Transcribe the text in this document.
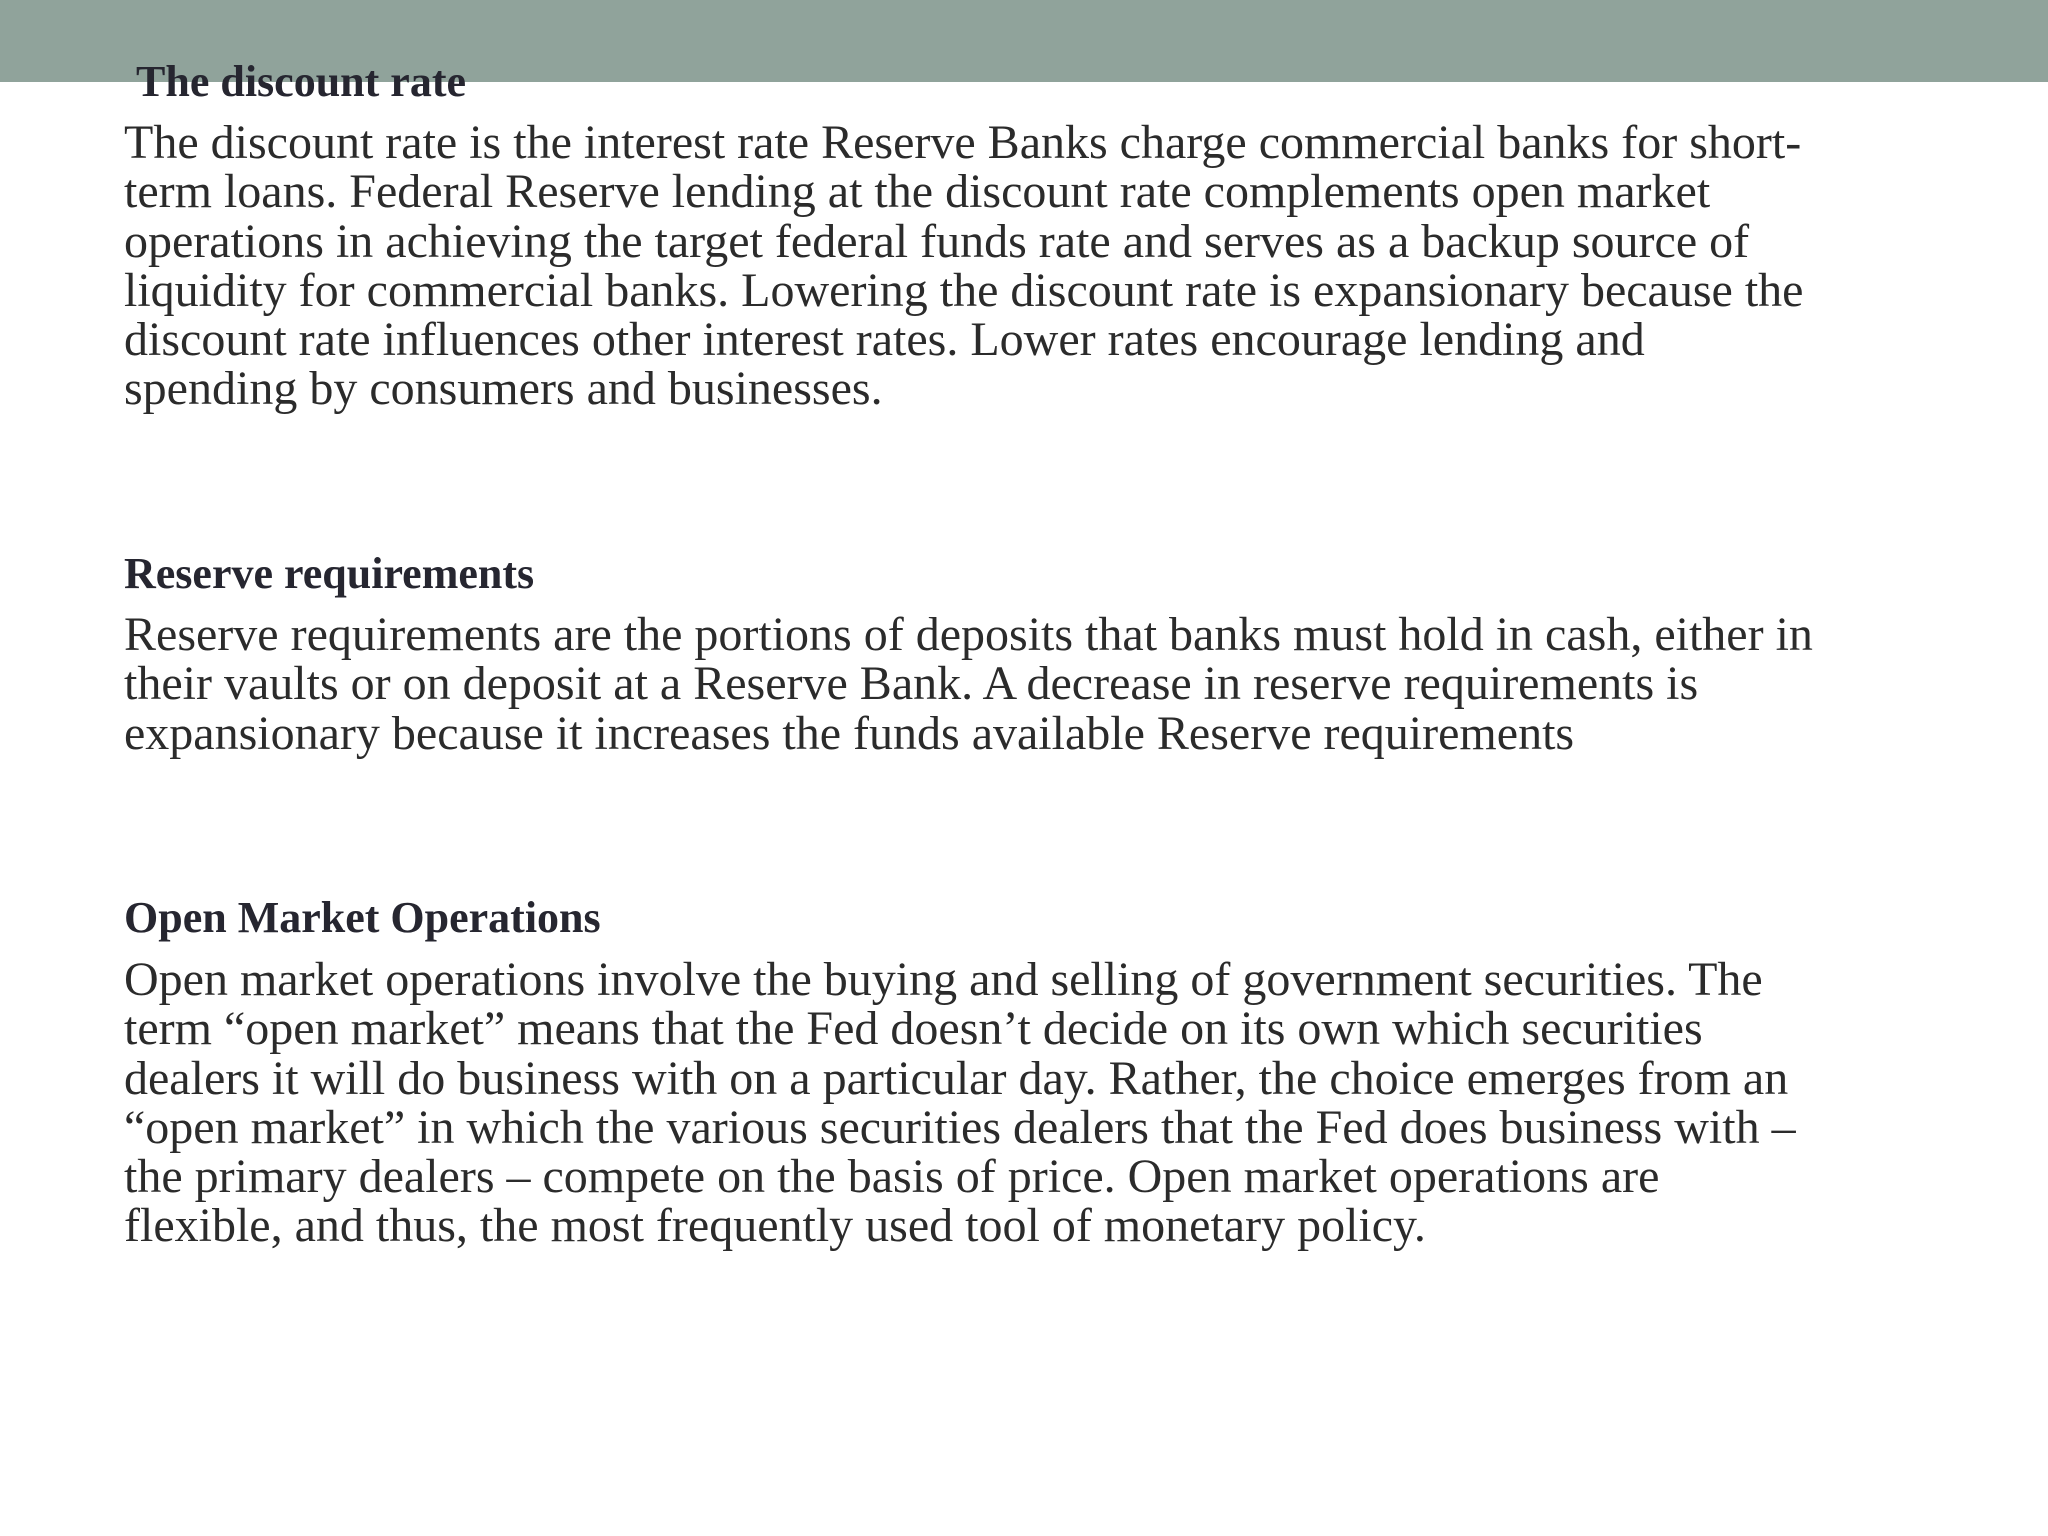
The discount rate
The discount rate is the interest rate Reserve Banks charge commercial banks for short-
term loans. Federal Reserve lending at the discount rate complements open market
operations in achieving the target federal funds rate and serves as a backup source of
liquidity for commercial banks. Lowering the discount rate is expansionary because the
discount rate influences other interest rates. Lower rates encourage lending and
spending by consumers and businesses.
Reserve requirements
Reserve requirements are the portions of deposits that banks must hold in cash, either in
their vaults or on deposit at a Reserve Bank. A decrease in reserve requirements is
expansionary because it increases the funds available Reserve requirements
Open Market Operations
Open market operations involve the buying and selling of government securities. The
term “open market” means that the Fed doesn’t decide on its own which securities
dealers it will do business with on a particular day. Rather, the choice emerges from an
“open market” in which the various securities dealers that the Fed does business with –
the primary dealers – compete on the basis of price. Open market operations are
flexible, and thus, the most frequently used tool of monetary policy.
